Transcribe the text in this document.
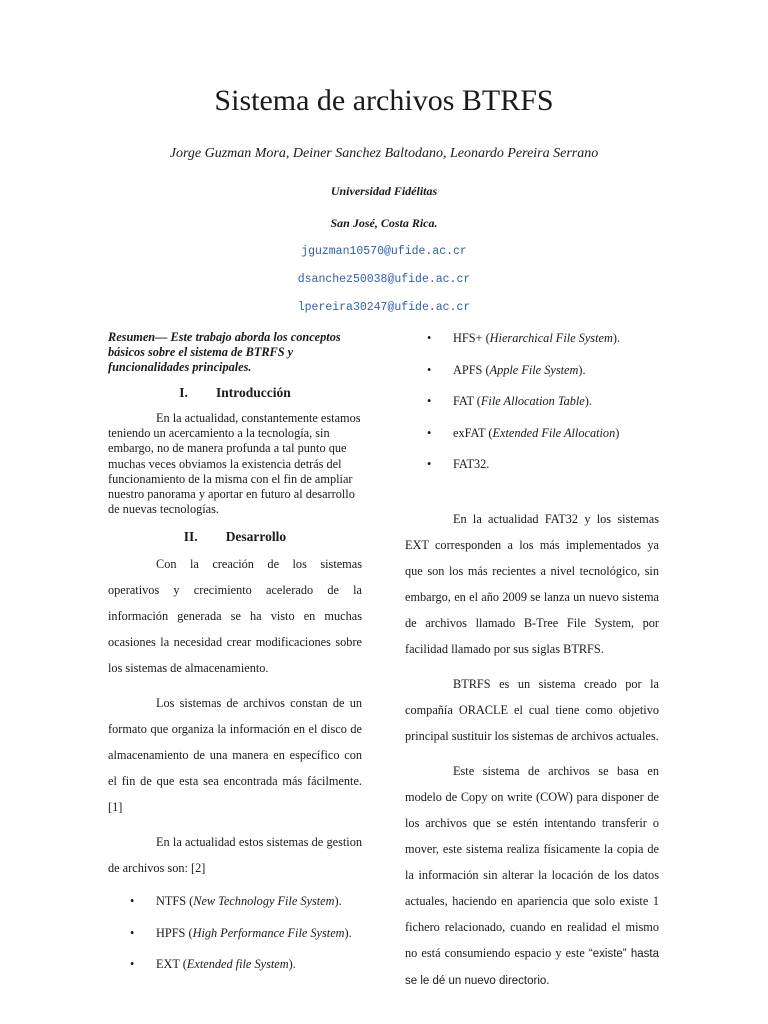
Sistema de archivos BTRFS
Jorge Guzman Mora, Deiner Sanchez Baltodano, Leonardo Pereira Serrano
Universidad Fidélitas
San José, Costa Rica.
jguzman10570@ufide.ac.cr
dsanchez50038@ufide.ac.cr
lpereira30247@ufide.ac.cr

Resumen— Este trabajo aborda los conceptos básicos sobre el sistema de BTRFS y funcionalidades principales.

I. Introducción

En la actualidad, constantemente estamos teniendo un acercamiento a la tecnología, sin embargo, no de manera profunda a tal punto que muchas veces obviamos la existencia detrás del funcionamiento de la misma con el fin de ampliar nuestro panorama y aportar en futuro al desarrollo de nuevas tecnologías.

II. Desarrollo

Con la creación de los sistemas operativos y crecimiento acelerado de la información generada se ha visto en muchas ocasiones la necesidad crear modificaciones sobre los sistemas de almacenamiento.

Los sistemas de archivos constan de un formato que organiza la información en el disco de almacenamiento de una manera en específico con el fin de que esta sea encontrada más fácilmente. [1]

En la actualidad estos sistemas de gestion de archivos son: [2]

• NTFS (New Technology File System).
• HPFS (High Performance File System).
• EXT (Extended file System).
• HFS+ (Hierarchical File System).
• APFS (Apple File System).
• FAT (File Allocation Table).
• exFAT (Extended File Allocation)
• FAT32.

En la actualidad FAT32 y los sistemas EXT corresponden a los más implementados ya que son los más recientes a nivel tecnológico, sin embargo, en el año 2009 se lanza un nuevo sistema de archivos llamado B-Tree File System, por facilidad llamado por sus siglas BTRFS.

BTRFS es un sistema creado por la compañía ORACLE el cual tiene como objetivo principal sustituir los sistemas de archivos actuales.

Este sistema de archivos se basa en modelo de Copy on write (COW) para disponer de los archivos que se estén intentando transferir o mover, este sistema realiza físicamente la copia de la información sin alterar la locación de los datos actuales, haciendo en apariencia que solo existe 1 fichero relacionado, cuando en realidad el mismo no está consumiendo espacio y este “existe” hasta se le dé un nuevo directorio.
